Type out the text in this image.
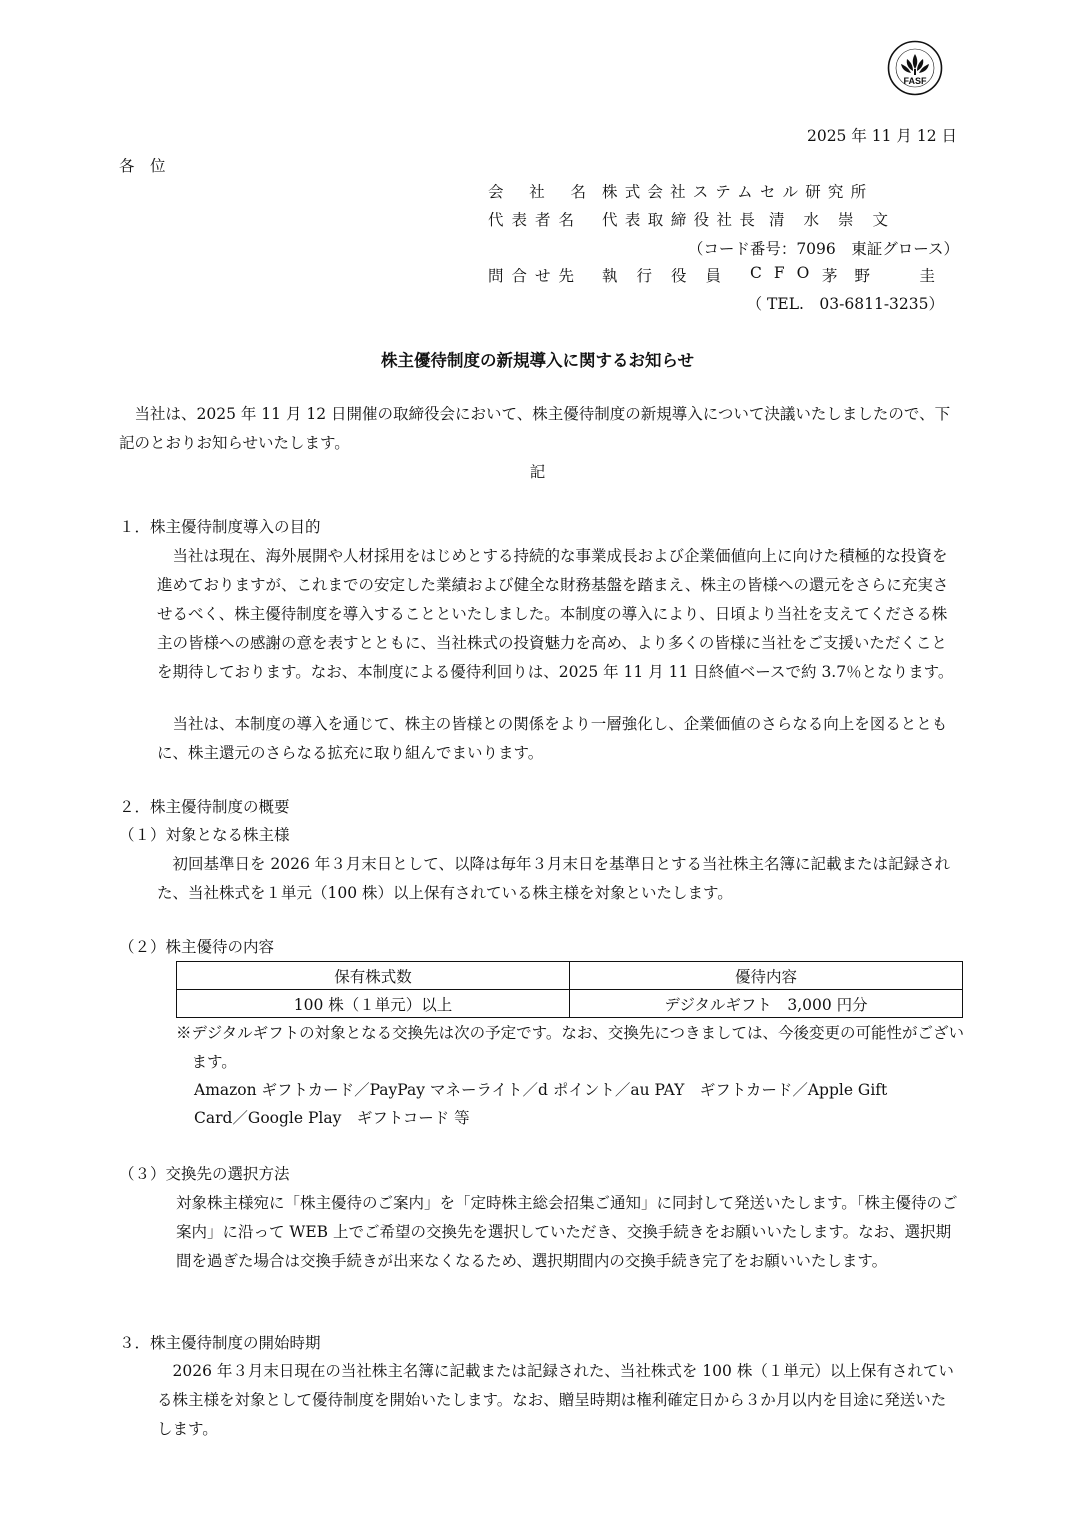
FASF
2025 年 11 月 12 日
各　位
会 社 名 株式会社ステムセル研究所
代表者名 代表取締役社長 清水崇文
（コード番号：7096　東証グロース）
問合せ先 執行役員 CFO 茅野　圭
（ TEL.　03-6811-3235）
株主優待制度の新規導入に関するお知らせ
当社は、2025 年 11 月 12 日開催の取締役会において、株主優待制度の新規導入について決議いたしましたので、下記のとおりお知らせいたします。
記
１．株主優待制度導入の目的
当社は現在、海外展開や人材採用をはじめとする持続的な事業成長および企業価値向上に向けた積極的な投資を進めておりますが、これまでの安定した業績および健全な財務基盤を踏まえ、株主の皆様への還元をさらに充実させるべく、株主優待制度を導入することといたしました。本制度の導入により、日頃より当社を支えてくださる株主の皆様への感謝の意を表すとともに、当社株式の投資魅力を高め、より多くの皆様に当社をご支援いただくことを期待しております。なお、本制度による優待利回りは、2025 年 11 月 11 日終値ベースで約 3.7％となります。
当社は、本制度の導入を通じて、株主の皆様との関係をより一層強化し、企業価値のさらなる向上を図るとともに、株主還元のさらなる拡充に取り組んでまいります。
２．株主優待制度の概要
（１）対象となる株主様
初回基準日を 2026 年３月末日として、以降は毎年３月末日を基準日とする当社株主名簿に記載または記録された、当社株式を１単元（100 株）以上保有されている株主様を対象といたします。
（２）株主優待の内容
保有株式数	優待内容
100 株（１単元）以上	デジタルギフト　3,000 円分
※デジタルギフトの対象となる交換先は次の予定です。なお、交換先につきましては、今後変更の可能性がございます。
Amazon ギフトカード／PayPay マネーライト／d ポイント／au PAY　ギフトカード／Apple Gift
Card／Google Play　ギフトコード 等
（３）交換先の選択方法
対象株主様宛に「株主優待のご案内」を「定時株主総会招集ご通知」に同封して発送いたします。「株主優待のご案内」に沿って WEB 上でご希望の交換先を選択していただき、交換手続きをお願いいたします。なお、選択期間を過ぎた場合は交換手続きが出来なくなるため、選択期間内の交換手続き完了をお願いいたします。
３．株主優待制度の開始時期
2026 年３月末日現在の当社株主名簿に記載または記録された、当社株式を 100 株（１単元）以上保有されている株主様を対象として優待制度を開始いたします。なお、贈呈時期は権利確定日から３か月以内を目途に発送いたします。
